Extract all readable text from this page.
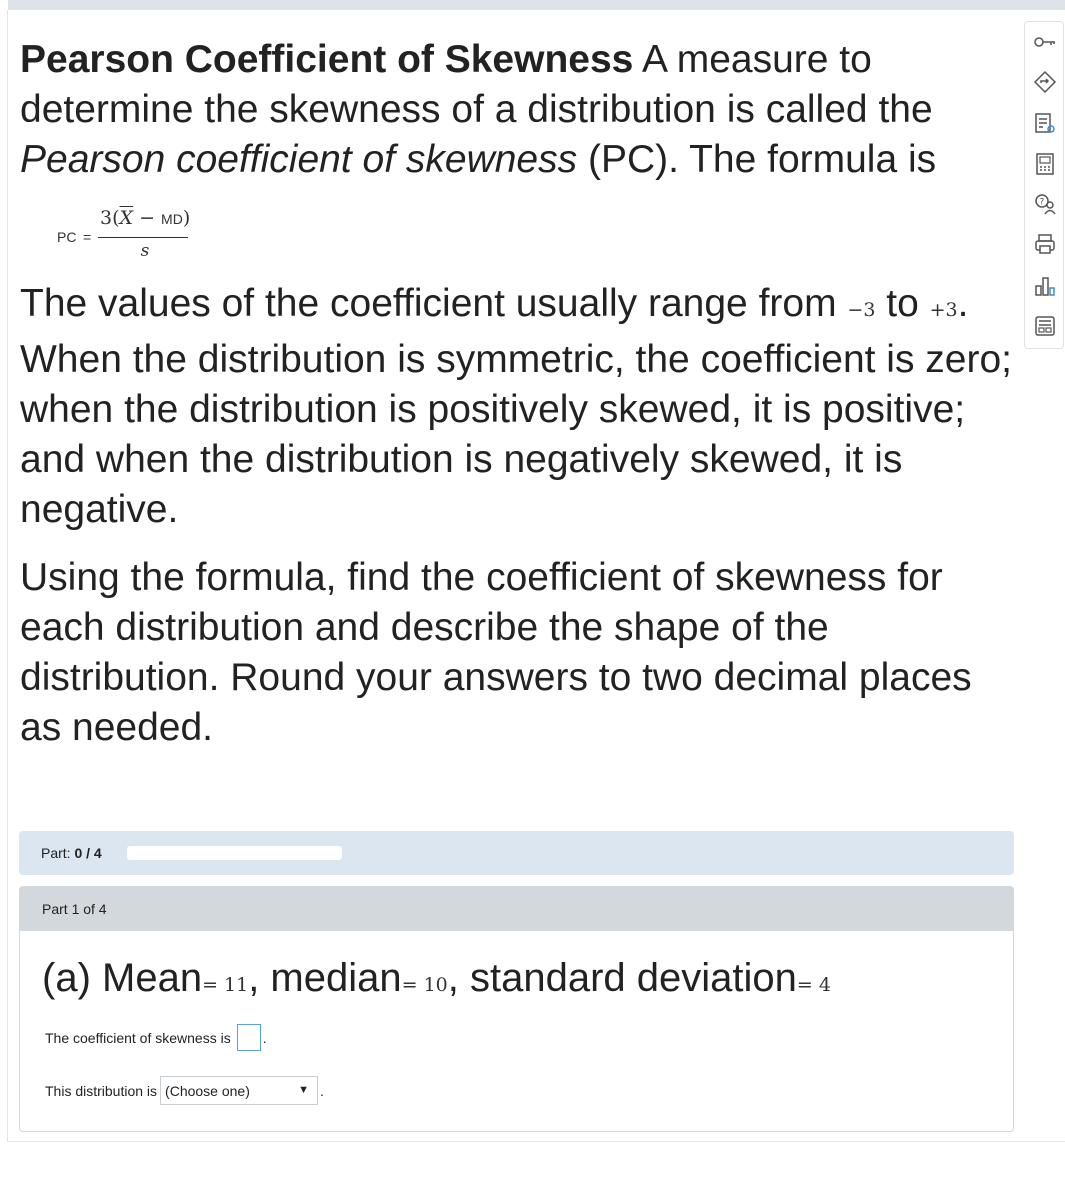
Pearson Coefficient of Skewness A measure to determine the skewness of a distribution is called the Pearson coefficient of skewness (PC). The formula is

PC =
$3(\overline{X} - MD)$
s

The values of the coefficient usually range from −3 to +3. When the distribution is symmetric, the coefficient is zero; when the distribution is positively skewed, it is positive; and when the distribution is negatively skewed, it is negative.

Using the formula, find the coefficient of skewness for each distribution and describe the shape of the distribution. Round your answers to two decimal places as needed.

Part: 0 / 4
Part 1 of 4
(a) Mean= 11, median= 10, standard deviation= 4
The coefficient of skewness is .
This distribution is (Choose one)	▼ .
?
